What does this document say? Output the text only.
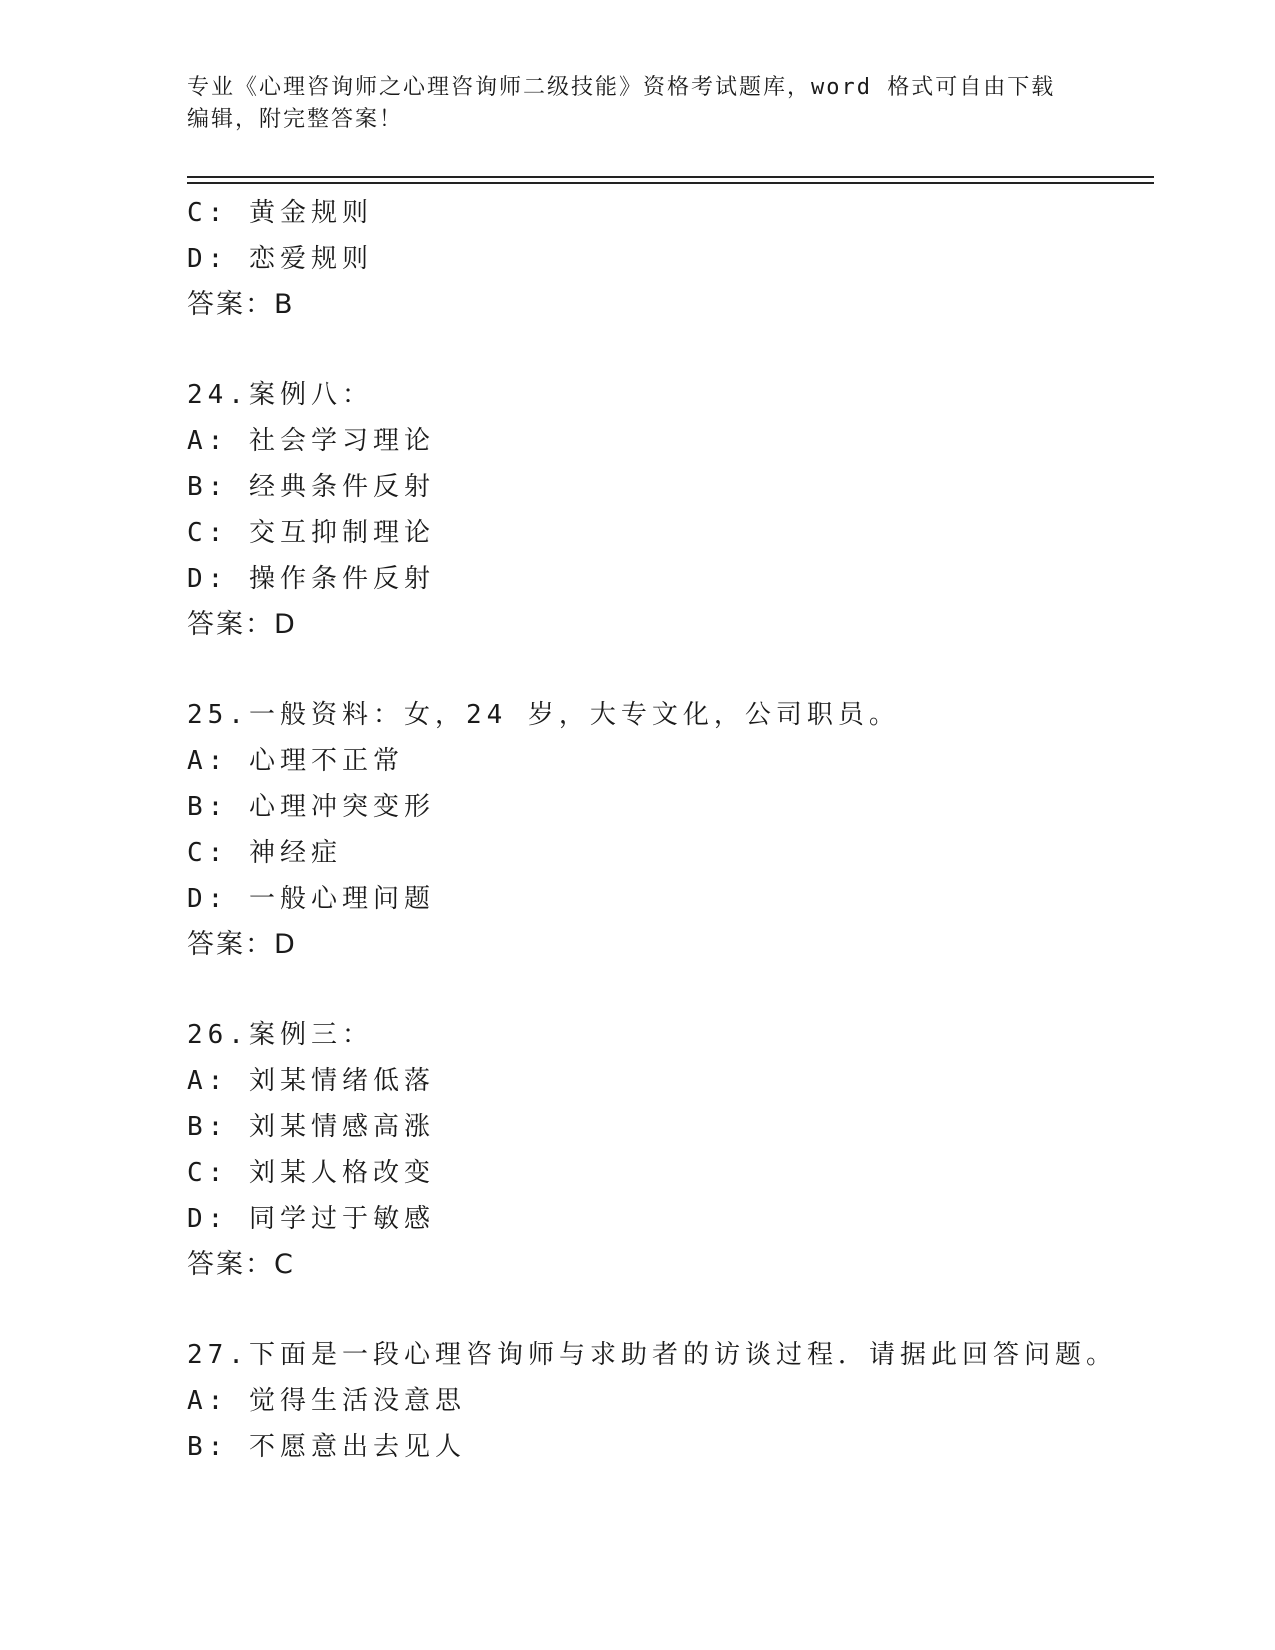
专业《心理咨询师之心理咨询师二级技能》资格考试题库，word 格式可自由下载
编辑，附完整答案！
C: 黄金规则
D: 恋爱规则
答案：B
24.案例八：
A: 社会学习理论
B: 经典条件反射
C: 交互抑制理论
D: 操作条件反射
答案：D
25.一般资料：女，24 岁，大专文化，公司职员。
A: 心理不正常
B: 心理冲突变形
C: 神经症
D: 一般心理问题
答案：D
26.案例三：
A: 刘某情绪低落
B: 刘某情感高涨
C: 刘某人格改变
D: 同学过于敏感
答案：C
27.下面是一段心理咨询师与求助者的访谈过程．请据此回答问题。
A: 觉得生活没意思
B: 不愿意出去见人
